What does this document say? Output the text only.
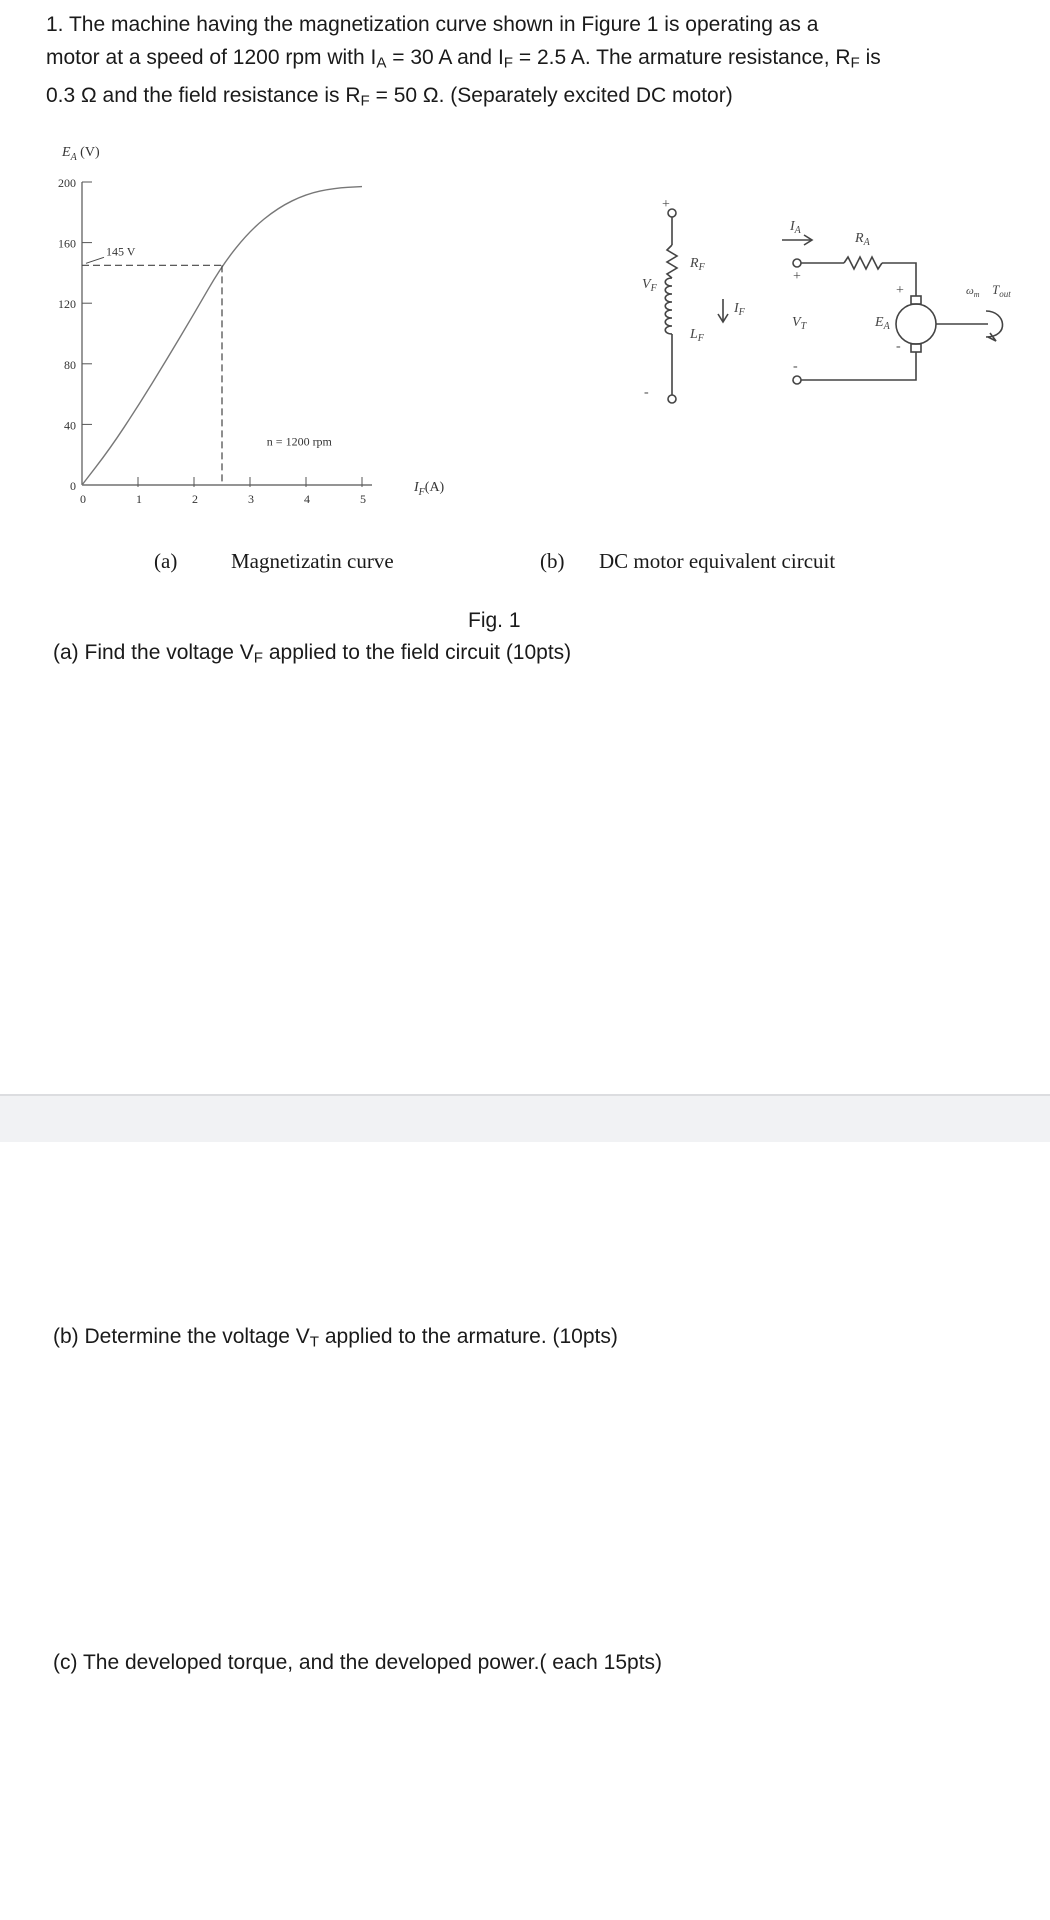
1. The machine having the magnetization curve shown in Figure 1 is operating as a
motor at a speed of 1200 rpm with $I_A = 30$ A and $I_F = 2.5$ A. The armature resistance, $R_F$ is
0.3 Ω and the field resistance is $R_F = 50$ Ω. (Separately excited DC motor)
0	1	2	3	4	5
0
40
80
120
160
200
145 V
n = 1200 rpm
$E_A$ (V)
$I_F(A)$
$V_F$
$R_F$
$L_F$
$I_F$
$I_A$
$R_A$
$V_T$	$E_A$
$\omega_m$ $T_{out}$
+
-
+
-
+
-
(a)	Magnetizatin curve	(b) DC motor equivalent circuit
Fig. 1

(a) Find the voltage $V_F$ applied to the field circuit (10pts)

(b) Determine the voltage $V_T$ applied to the armature. (10pts)

(c) The developed torque, and the developed power.( each 15pts)
